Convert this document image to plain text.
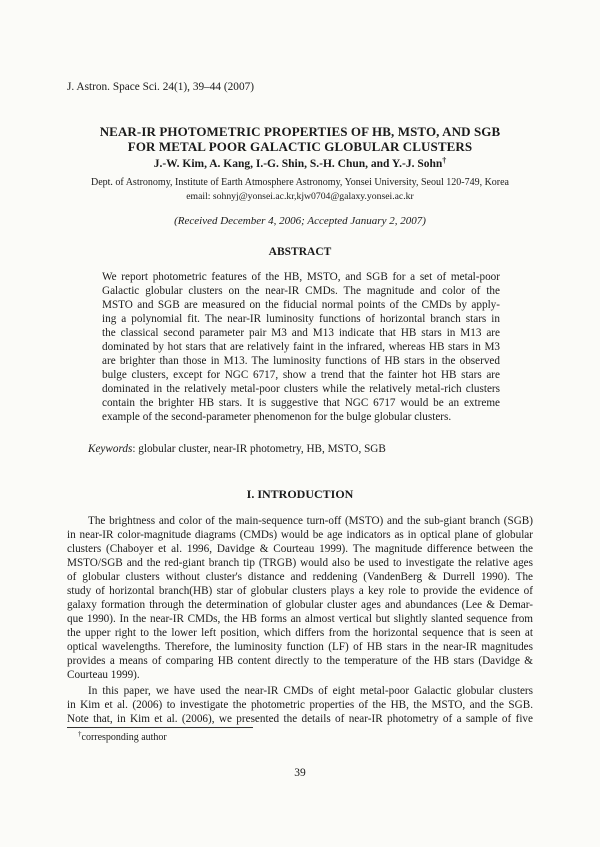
J. Astron. Space Sci. 24(1), 39–44 (2007)
NEAR-IR PHOTOMETRIC PROPERTIES OF HB, MSTO, AND SGB
FOR METAL POOR GALACTIC GLOBULAR CLUSTERS
J.-W. Kim, A. Kang, I.-G. Shin, S.-H. Chun, and Y.-J. Sohn†
Dept. of Astronomy, Institute of Earth Atmosphere Astronomy, Yonsei University, Seoul 120-749, Korea
email: sohnyj@yonsei.ac.kr,kjw0704@galaxy.yonsei.ac.kr
(Received December 4, 2006; Accepted January 2, 2007)
ABSTRACT
We report photometric features of the HB, MSTO, and SGB for a set of metal-poor
Galactic globular clusters on the near-IR CMDs. The magnitude and color of the
MSTO and SGB are measured on the fiducial normal points of the CMDs by apply-
ing a polynomial fit. The near-IR luminosity functions of horizontal branch stars in
the classical second parameter pair M3 and M13 indicate that HB stars in M13 are
dominated by hot stars that are relatively faint in the infrared, whereas HB stars in M3
are brighter than those in M13. The luminosity functions of HB stars in the observed
bulge clusters, except for NGC 6717, show a trend that the fainter hot HB stars are
dominated in the relatively metal-poor clusters while the relatively metal-rich clusters
contain the brighter HB stars. It is suggestive that NGC 6717 would be an extreme
example of the second-parameter phenomenon for the bulge globular clusters.
Keywords: globular cluster, near-IR photometry, HB, MSTO, SGB
I. INTRODUCTION
The brightness and color of the main-sequence turn-off (MSTO) and the sub-giant branch (SGB)
in near-IR color-magnitude diagrams (CMDs) would be age indicators as in optical plane of globular
clusters (Chaboyer et al. 1996, Davidge & Courteau 1999). The magnitude difference between the
MSTO/SGB and the red-giant branch tip (TRGB) would also be used to investigate the relative ages
of globular clusters without cluster's distance and reddening (VandenBerg & Durrell 1990). The
study of horizontal branch(HB) star of globular clusters plays a key role to provide the evidence of
galaxy formation through the determination of globular cluster ages and abundances (Lee & Demar-
que 1990). In the near-IR CMDs, the HB forms an almost vertical but slightly slanted sequence from
the upper right to the lower left position, which differs from the horizontal sequence that is seen at
optical wavelengths. Therefore, the luminosity function (LF) of HB stars in the near-IR magnitudes
provides a means of comparing HB content directly to the temperature of the HB stars (Davidge &
Courteau 1999).
In this paper, we have used the near-IR CMDs of eight metal-poor Galactic globular clusters
in Kim et al. (2006) to investigate the photometric properties of the HB, the MSTO, and the SGB.
Note that, in Kim et al. (2006), we presented the details of near-IR photometry of a sample of five
†corresponding author
39
